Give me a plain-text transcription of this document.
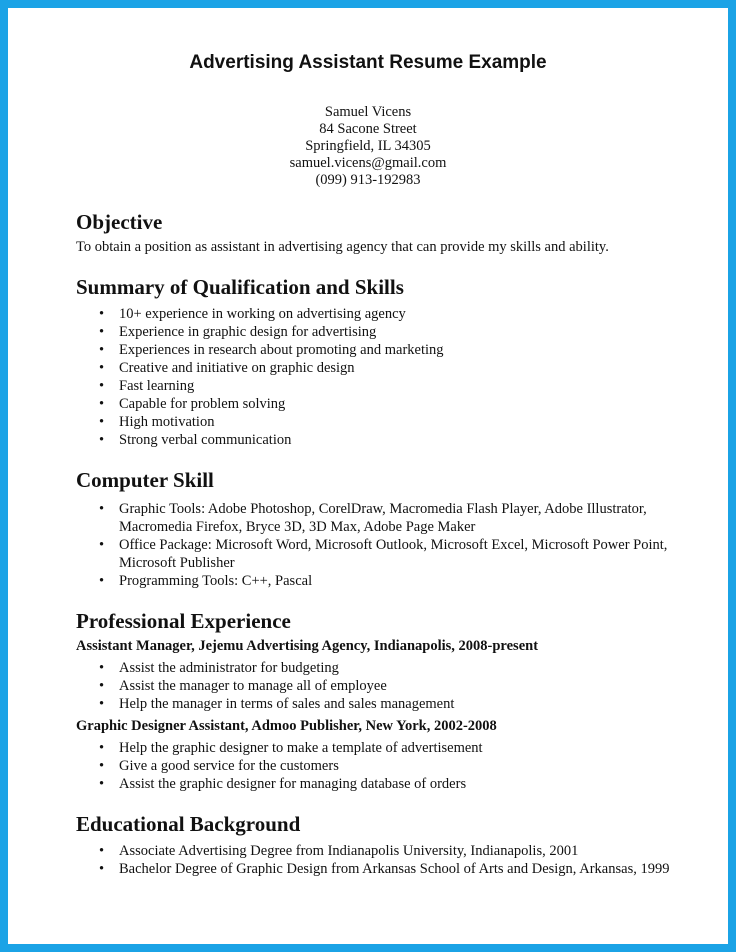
Advertising Assistant Resume Example
Samuel Vicens
84 Sacone Street
Springfield, IL 34305
samuel.vicens@gmail.com
(099) 913-192983
Objective

To obtain a position as assistant in advertising agency that can provide my skills and ability.

Summary of Qualification and Skills
• 10+ experience in working on advertising agency
• Experience in graphic design for advertising
• Experiences in research about promoting and marketing
• Creative and initiative on graphic design
• Fast learning
• Capable for problem solving
• High motivation
• Strong verbal communication
Computer Skill
• Graphic Tools: Adobe Photoshop, CorelDraw, Macromedia Flash Player, Adobe Illustrator, Macromedia Firefox, Bryce 3D, 3D Max, Adobe Page Maker
• Office Package: Microsoft Word, Microsoft Outlook, Microsoft Excel, Microsoft Power Point, Microsoft Publisher
• Programming Tools: C++, Pascal
Professional Experience
Assistant Manager, Jejemu Advertising Agency, Indianapolis, 2008-present
• Assist the administrator for budgeting
• Assist the manager to manage all of employee
• Help the manager in terms of sales and sales management
Graphic Designer Assistant, Admoo Publisher, New York, 2002-2008
• Help the graphic designer to make a template of advertisement
• Give a good service for the customers
• Assist the graphic designer for managing database of orders
Educational Background
• Associate Advertising Degree from Indianapolis University, Indianapolis, 2001
• Bachelor Degree of Graphic Design from Arkansas School of Arts and Design, Arkansas, 1999
